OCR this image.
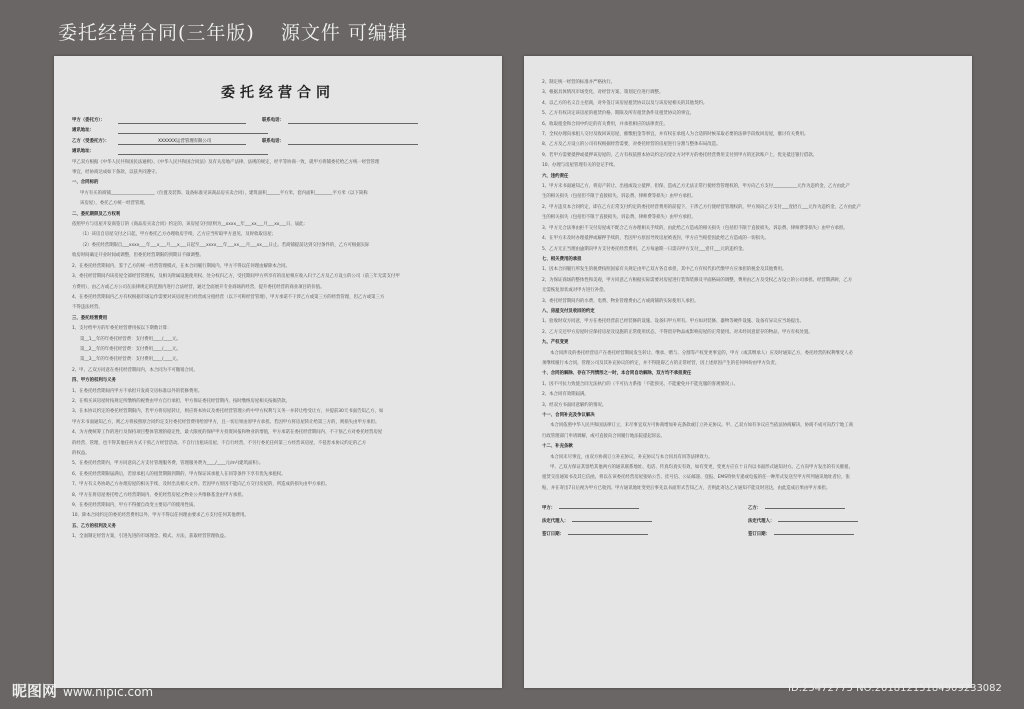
委托经营合同(三年版) 源文件 可编辑
委托经营合同
甲方（委托方）：	联系电话：
通讯地址：
乙方（受委托方）：	XXXXXX运营管理有限公司	联系电话：
通讯地址：
甲乙双方根据《中华人民共和国民法通则》、《中华人民共和国合同法》及有关房地产法律、法规的规定，经平等协商一致，就甲方将铺委托给乙方统一经营管理
事宜，经协商达成如下条款，以兹共同遵守。
一、合同标的
甲方有买的商铺____________________（位置及装饰、设备标准见该商品房买卖合同），建筑面积______平方米，套内面积________平方米（以下简称
该房屋），委托乙方统一经营管理。
二、委托期限及乙方权利
依照甲方与房屋开发商签订的《商品房买卖合同》约定的，该房屋交付原则为__xxxx__年___xx___月___xx___日，届此：
（1）该房自房屋交付之日起，甲方委托乙方办理收房手续，乙方应当听取甲方意见，及时收取房屋；
（2）委托经营期限自___xxxx___年___x___月___x___日起至___xxxx___年___xx___月___xx___日止。若商铺提前达到交付条件的，乙方可根据实际
收房时间确定开业时间或调整，但委托经营期限的到期日不做调整。
2、在委托经营期间内，鉴于乙方的统一经营管理模式，在本合同履行期间内，甲方不得以任何理由解除本合同。
3、委托经营期间内该房屋全部经营管理权，及相关附属设施使用权、处分权归乙方，受托期间甲方所享有的房屋相应收入归于乙方及乙方设立的公司（前三年无需支付甲
方费用），由乙方或乙方公司在法律规定的范围内进行合法经营，通过全面展开专业商场的经营，提升委托经营的商业项目的价值。
4、在委托经营期间内乙方有权根据市场运作需要对该房屋进行经营或分租经营（以下可称经营管理），甲方承诺不干涉乙方或第三方的经营管理，但乙方或第三方
不得违法经营。
三、委托经营费用
1、支付给甲方的年委托经营费用按以下期数计算：
第__1__年的年委托经营费：支付费用____/____元。
第__2__年的年委托经营费：支付费用____/____元。
第__3__年的年委托经营费：支付费用____/____元。
2、甲、乙双方同意在委托经营期间内，本合同为不可撤销合同。
四、甲方的权利与义务
1、在委托经营期间内甲方不承担开发商交房标准以外的装修费用。
2、在购买该房屋时按规定所缴纳的税费由甲方自行承担，甲方保证委托经营期内，按时缴纳房屋相关按揭贷款。
3、在本协议约定的委托经营期限内，若甲方将房屋转让，则应将本协议及委托经营管理公约中甲方权利与义务一并转让给受让方，并提前30天书面告知乙方，如
甲方未书面通知乙方，则乙方将按照原合同约定支付委托经营费用给原甲方，且一切后果由原甲方承担。若因甲方将房屋转让给第三方的，则损失由甲方承担。
4、为方便统筹工作的进行及保持项目整体管理的稳定性，最大限度的保护甲方投资回报和物业的增值，甲方承诺在委托经营期间内，不干预乙方对委托经营房屋
的经营、管理，也不得其他任何方式干预乙方经营活动。不自行出租该房屋、不自行经营，不另行委托任何第三方经营该房屋，不侵害本协议约定的乙方
的权益。
5、在委托经营期内，甲方同意向乙方支付管理服务费，管理服务费为____/____元/m²(建筑面积）。
6、在委托经营期限届满后，若原承租人的租赁期限到期的，甲方保证该承租人在同等条件下享有优先承租权。
7、甲方有义务协助乙方办理房屋的相关手续，及时出具相关文件。若因甲方原因不能向乙方交付房屋的，所造成的损失由甲方承担。
8、甲方在将房屋委托给乙方经营期间内，委托经营房屋之物业公共维修基金由甲方承担。
9、在委托经营期间内，甲方不得擅自改变主要房产的使用性质。
10、除本合同约定的委托经营费用以外，甲方不得以任何理由要求乙方支付任何其他费用。
五、乙方的权利及义务
1、全面制定经营方案，引进先进的市场理念、模式、方法，获取经营管理收益。
2、制定统一经营的标准并严格执行。
3、根据具体情况市场变化，对经营方案、策划定位进行调整。
4、以乙方的名义自主招商，对外签订该房屋租赁协议以及与该房屋相关的其他契约。
5、乙方有权决定该房屋的租赁价格、期限及所有租赁条件及租赁协议的事宜。
6、收取租金和合同中约定的有关费用，并承担相应的法律责任。
7、全权办理向承租人交付及收回该房屋，催缴租金等事宜，并有权在承租人为合适的时候采取必要的法律手段收回房屋，催讨有关费用。
8、乙方及乙方设立的公司有权根据经营需要，对委托经营的房屋进行分割与整体布局改造。
9、若甲方需要抵押或抵押该房屋的，乙方有权依照本协议约定向受让方对甲方的委托经营费用支付到甲方的还款账户上，优先抵还银行借款。
10、办理与房屋管理有关的登记手续。
六、违约责任
1、甲方未书面通知乙方，将房产转让、出租或设立抵押、担保，造成乙方无法正常行使经营管理权的，甲方向乙方支付___________元作为违约金，乙方由此产
生的相关损失（包括但不限于直接损失、诉讼费、律师费等损失）由甲方承担。
2、甲方违反本合同约定，即在乙方正常支付约定的委托经营费用的前提下，干涉乙方行使经营管理权的，甲方须向乙方支付___壹拾万___元作为违约金，乙方由此产
生的相关损失（包括但不限于直接损失、诉讼费、律师费等损失）由甲方承担。
3、甲方无合法事由拒不交付房屋或不配合乙方办理相关手续的，由此给乙方造成的相关损失（包括但不限于直接损失、诉讼费、律师费等损失）由甲方承担。
4、在甲方未及时办理抵押或解押手续的，若因甲方原因导致房屋被查封，甲方应当赔偿因此给乙方造成的一切损失。
5、乙方无正当理由逾期向甲方支付委托经营费用，乙方每逾期一日需向甲方支付___壹仟___元的违约金。
七、相关费用的承担
1、因本合同履行所发生的税费按照国家有关规定由甲乙双方各自承担，其中乙方有权代扣代缴甲方应承担的税金及其他费用。
2、为保证商场的整体性和美观，甲方同意乙方根据实际需要对房屋进行装饰装修及平面格局的调整，费用由乙方及受权乙方设立的公司承担。经营期满时，乙方
无需恢复原状或对甲方进行补偿。
3、委托经营期间内的水费、电费、物业管理费由乙方或商铺的实际使用人承担。
八、房屋交付及收回的约定
1、验收时双方同意，甲方在委托经营前已经装修的设施、设备归甲方所有。甲方如对装修、器物等硬件设施、设备有异议应当场提出。
2、乙方交还甲方房屋时应保持房屋及设施的正常使用状态，不得留存物品或影响房屋的正常使用。对未经同意留存的物品，甲方有权处置。
九、产权变更
本合同涉及的委托经营房产在委托经营期间发生转让、继承、赠与、分割等产权变更事宜的，甲方（或其继承人）应及时通知乙方，委托经营的权利继受人必
须继续履行本合同，管理公司及其补充协议的约定，并不得阻碍乙方的正常经营，因上述原因产生的任何纠纷由甲方负责。
十、合同的解除、存在下列情形之一时，本合同自动解除，双方均不承担责任
1、因不可抗力致使合同无法执行的（不可抗力系指「不能预见、不能避免并不能克服的客观情况」）。
2、本合同有效期届满。
3、经双方书面同意解约的情况。
十一、合同补充及争议解决
本合同依照中华人民共和国法律订立，未尽事宜双方可协商增加补充条款或订立补充协议。甲、乙双方如有争议应当依法协商解决，协商不成可向苏宁地工商
行政管理部门申请调解，或可直接向合同履行地法院提起诉讼。
十二、补充条款
本合同未尽事宜，由双方协商订立补充协议，补充协议与本合同具有同等法律效力。
甲、乙双方保证其留给其他两方的通讯联系地址、电话、传真均真实有效，如有变更，变更方应在十日内以书面形式通知对方。乙方向甲方发出的有关催租、
租赁交房通知书及其它信函，将以在该委托经营房屋张贴公告、挂号信、公证邮递、登报、EMS特快专递或电报的任一种形式发送至甲方所列通讯地址者位，张
贴，并在寄出7日后视为甲方已收到。甲方通讯地址变更后事先以书面形式告知乙方，否则此寄达乙方通知不能及时送达，由此造成后果由甲方承担。
甲方：
法定代理人：
签订日期：
乙方：
法定代理人：
签订日期：
昵图网 www.nipic.com	ID:25472775 NO:20181215184909233082
